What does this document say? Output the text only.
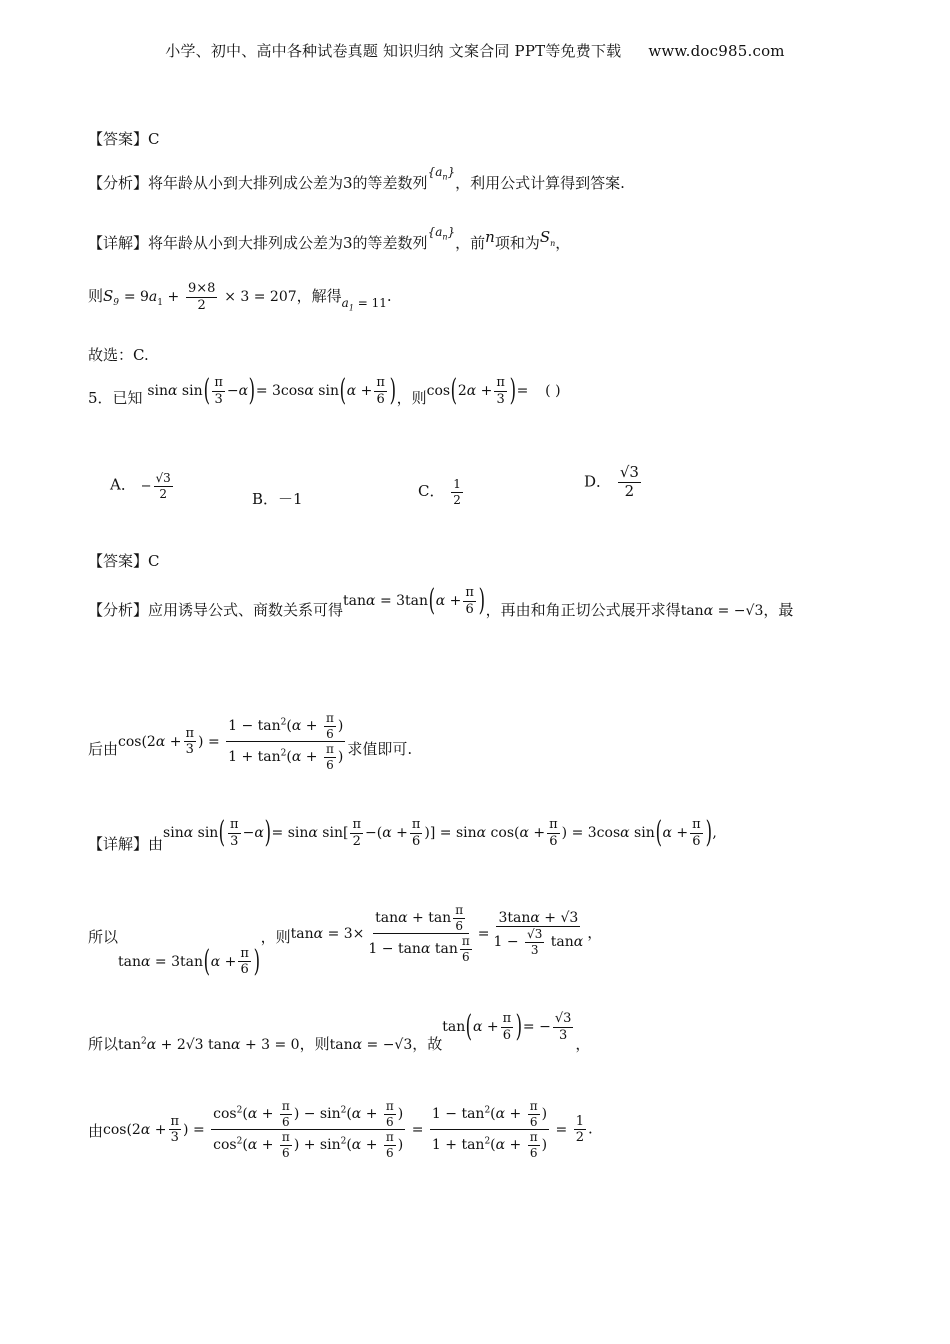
小学、初中、高中各种试卷真题 知识归纳 文案合同 PPT等免费下载 www.doc985.com
【答案】C
【分析】将年龄从小到大排列成公差为3的等差数列$^{\{a_n\}}$，利用公式计算得到答案.
【详解】将年龄从小到大排列成公差为3的等差数列$^{\{a_n\}}$，前n项和为$S_n$，
则$S_9 = 9a_1 + \frac{9\times 8}{2} \times 3 = 207$，解得$_{a_1 = 11}$.
故选：C.
5．已知 sinα $\sin( \frac{\pi}{3} -\alpha)= 3\cos\alpha$ $\sin(\alpha + \frac{\pi}{6}$ )，则$\cos(2\alpha + \frac{\pi}{3}$ )= ( )
A． − $\frac{√3}{2}$	B．－1	C． $\frac{1}{2}$	D． $\frac{√3}{2}$
【答案】C
【分析】应用诱导公式、商数关系可得$\tan\alpha = 3\tan(\alpha + \frac{\pi}{6}$ )，再由和角正切公式展开求得tanα = −√3，最
后由$\cos(2\alpha + \frac{\pi}{3}$ ) = $\frac{1 - \tan^2(\alpha + \frac{\pi}{6} )}{1 + \tan^2(\alpha + \frac{\pi}{6} )}$ 求值即可.
【详解】由sinα $\sin( \frac{\pi}{3} -\alpha)= \sin\alpha$ $\sin[ \frac{\pi}{2} -(\alpha + \frac{\pi}{6}$ )] = sinα $\cos(\alpha + \frac{\pi}{6}$ ) = 3cosα $\sin(\alpha + \frac{\pi}{6}$ ),
所以$\tan\alpha = 3\tan(\alpha + \frac{\pi}{6}$ )，则$\tan\alpha = 3\times \frac{\tan\alpha + \tan \frac{\pi}{6}}{1 - \tan\alpha \tan \frac{\pi}{6}} = \frac{3\tan\alpha + √3}{1 - \frac{√3}{3} \tan\alpha}$ ，
所以$\tan^2\alpha + 2√3$ tanα + 3 = 0，则tanα = −√3，故$\tan(\alpha + \frac{\pi}{6}$ )= − $\frac{√3}{3}$
，
由$\cos(2\alpha + \frac{\pi}{3}$ ) = $\frac{\cos^2(\alpha + \frac{\pi}{6} ) - \sin^2(\alpha + \frac{\pi}{6} )}{\cos^2(\alpha + \frac{\pi}{6} ) + \sin^2(\alpha + \frac{\pi}{6} )} = \frac{1 - \tan^2(\alpha + \frac{\pi}{6} )}{1 + \tan^2(\alpha + \frac{\pi}{6} )} = \frac{1}{2}$ .
